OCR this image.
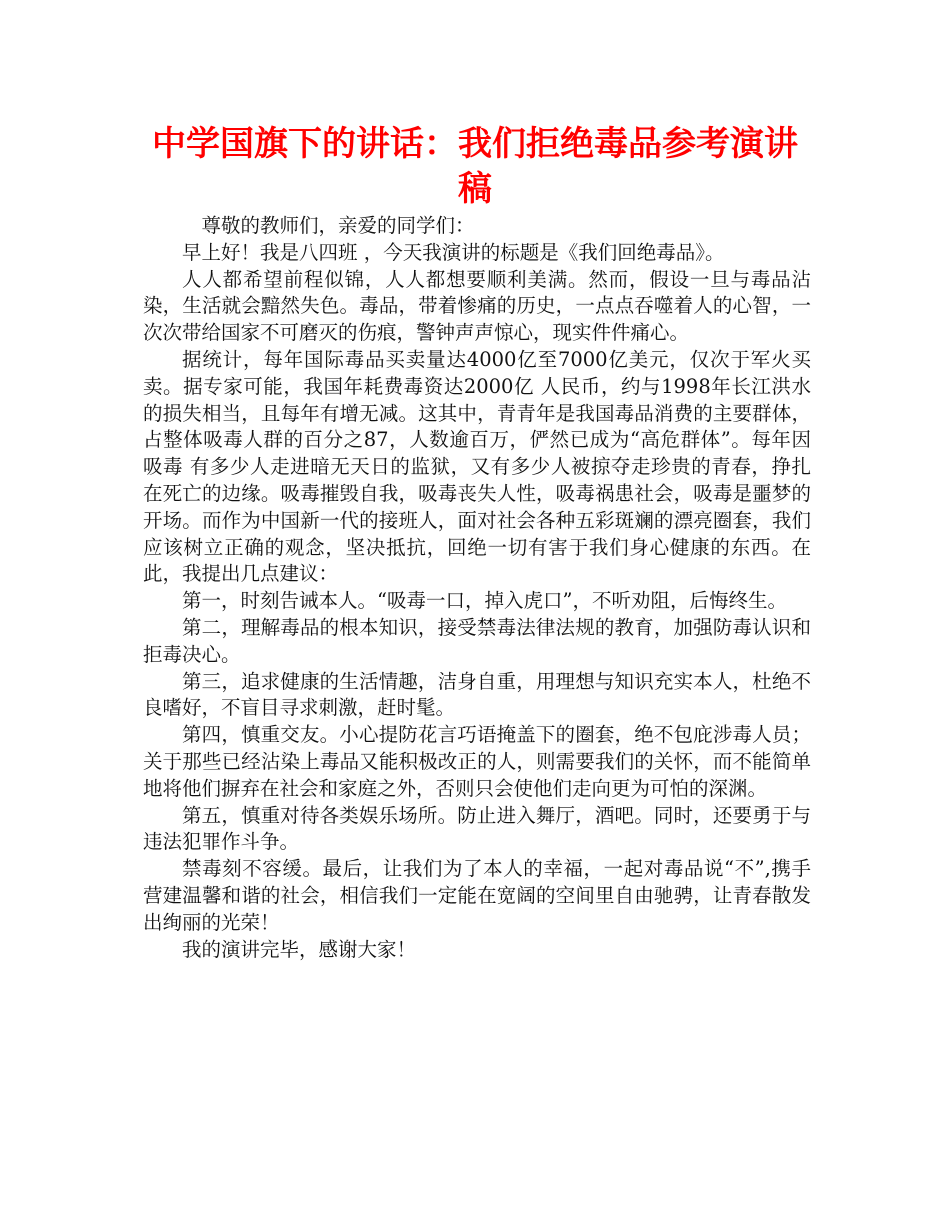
中学国旗下的讲话：我们拒绝毒品参考演讲稿

尊敬的教师们，亲爱的同学们：

早上好！我是八四班 ，今天我演讲的标题是《我们回绝毒品》。

人人都希望前程似锦，人人都想要顺利美满。然而，假设一旦与毒品沾染，生活就会黯然失色。毒品，带着惨痛的历史，一点点吞噬着人的心智，一次次带给国家不可磨灭的伤痕，警钟声声惊心，现实件件痛心。

据统计，每年国际毒品买卖量达4000亿至7000亿美元，仅次于军火买卖。据专家可能，我国年耗费毒资达2000亿 人民币，约与1998年长江洪水的损失相当，且每年有增无减。这其中，青青年是我国毒品消费的主要群体，占整体吸毒人群的百分之87，人数逾百万，俨然已成为“高危群体”。每年因吸毒 有多少人走进暗无天日的监狱，又有多少人被掠夺走珍贵的青春，挣扎在死亡的边缘。吸毒摧毁自我，吸毒丧失人性，吸毒祸患社会，吸毒是噩梦的开场。而作为中国新一代的接班人，面对社会各种五彩斑斓的漂亮圈套，我们应该树立正确的观念，坚决抵抗，回绝一切有害于我们身心健康的东西。在此，我提出几点建议：

第一，时刻告诫本人。“吸毒一口，掉入虎口”，不听劝阻，后悔终生。

第二，理解毒品的根本知识，接受禁毒法律法规的教育，加强防毒认识和拒毒决心。

第三，追求健康的生活情趣，洁身自重，用理想与知识充实本人，杜绝不良嗜好，不盲目寻求刺激，赶时髦。

第四，慎重交友。小心提防花言巧语掩盖下的圈套，绝不包庇涉毒人员；关于那些已经沾染上毒品又能积极改正的人，则需要我们的关怀，而不能简单地将他们摒弃在社会和家庭之外，否则只会使他们走向更为可怕的深渊。

第五，慎重对待各类娱乐场所。防止进入舞厅，酒吧。同时，还要勇于与违法犯罪作斗争。

禁毒刻不容缓。最后，让我们为了本人的幸福，一起对毒品说“不”,携手营建温馨和谐的社会，相信我们一定能在宽阔的空间里自由驰骋，让青春散发出绚丽的光荣！

我的演讲完毕，感谢大家！
